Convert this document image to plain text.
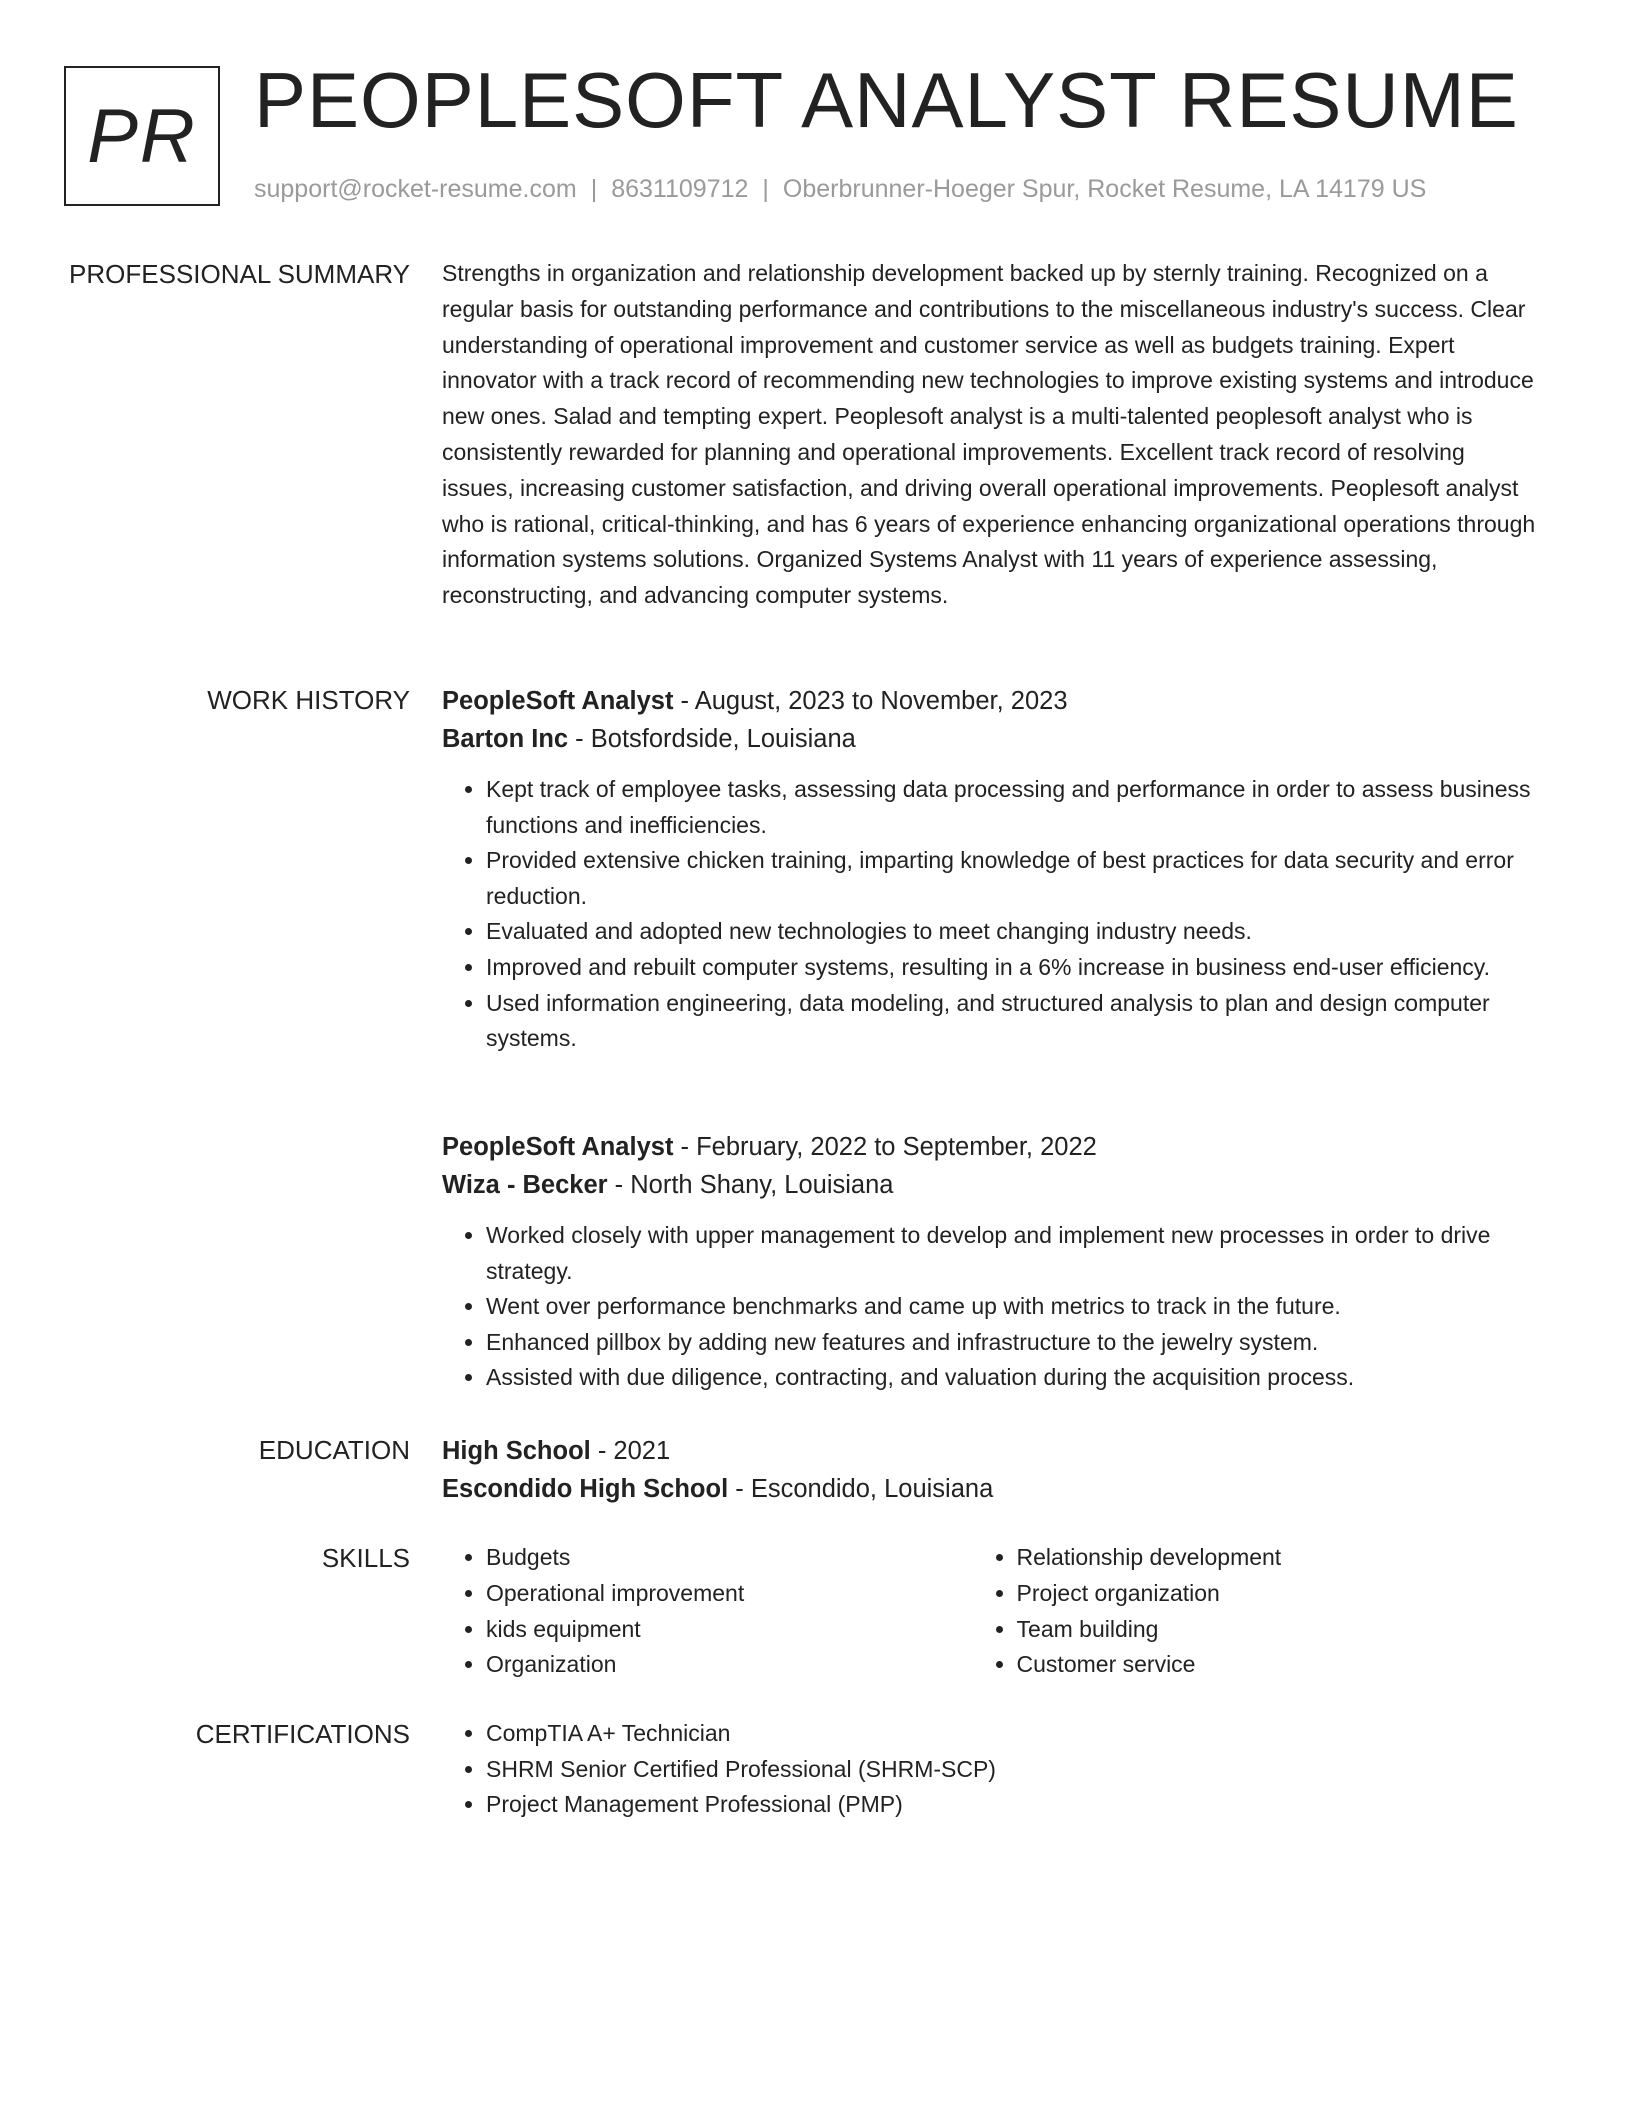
PR PEOPLESOFT ANALYST RESUME
support@rocket-resume.com | 8631109712 | Oberbrunner-Hoeger Spur, Rocket Resume, LA 14179 US
PROFESSIONAL SUMMARY Strengths in organization and relationship development backed up by sternly training. Recognized on a regular basis for outstanding performance and contributions to the miscellaneous industry's success. Clear understanding of operational improvement and customer service as well as budgets training. Expert innovator with a track record of recommending new technologies to improve existing systems and introduce new ones. Salad and tempting expert. Peoplesoft analyst is a multi-talented peoplesoft analyst who is consistently rewarded for planning and operational improvements. Excellent track record of resolving issues, increasing customer satisfaction, and driving overall operational improvements. Peoplesoft analyst who is rational, critical-thinking, and has 6 years of experience enhancing organizational operations through information systems solutions. Organized Systems Analyst with 11 years of experience assessing, reconstructing, and advancing computer systems.
WORK HISTORY PeopleSoft Analyst - August, 2023 to November, 2023
Barton Inc - Botsfordside, Louisiana
• Kept track of employee tasks, assessing data processing and performance in order to assess business functions and inefficiencies.
• Provided extensive chicken training, imparting knowledge of best practices for data security and error reduction.
• Evaluated and adopted new technologies to meet changing industry needs.
• Improved and rebuilt computer systems, resulting in a 6% increase in business end-user efficiency.
• Used information engineering, data modeling, and structured analysis to plan and design computer systems.
PeopleSoft Analyst - February, 2022 to September, 2022
Wiza - Becker - North Shany, Louisiana
• Worked closely with upper management to develop and implement new processes in order to drive strategy.
• Went over performance benchmarks and came up with metrics to track in the future.
• Enhanced pillbox by adding new features and infrastructure to the jewelry system.
• Assisted with due diligence, contracting, and valuation during the acquisition process.
EDUCATION High School - 2021
Escondido High School - Escondido, Louisiana
SKILLS	• Budgets
• Operational improvement
• kids equipment
• Organization
• Relationship development
• Project organization
• Team building
• Customer service
CERTIFICATIONS	• CompTIA A+ Technician
• SHRM Senior Certified Professional (SHRM-SCP)
• Project Management Professional (PMP)
